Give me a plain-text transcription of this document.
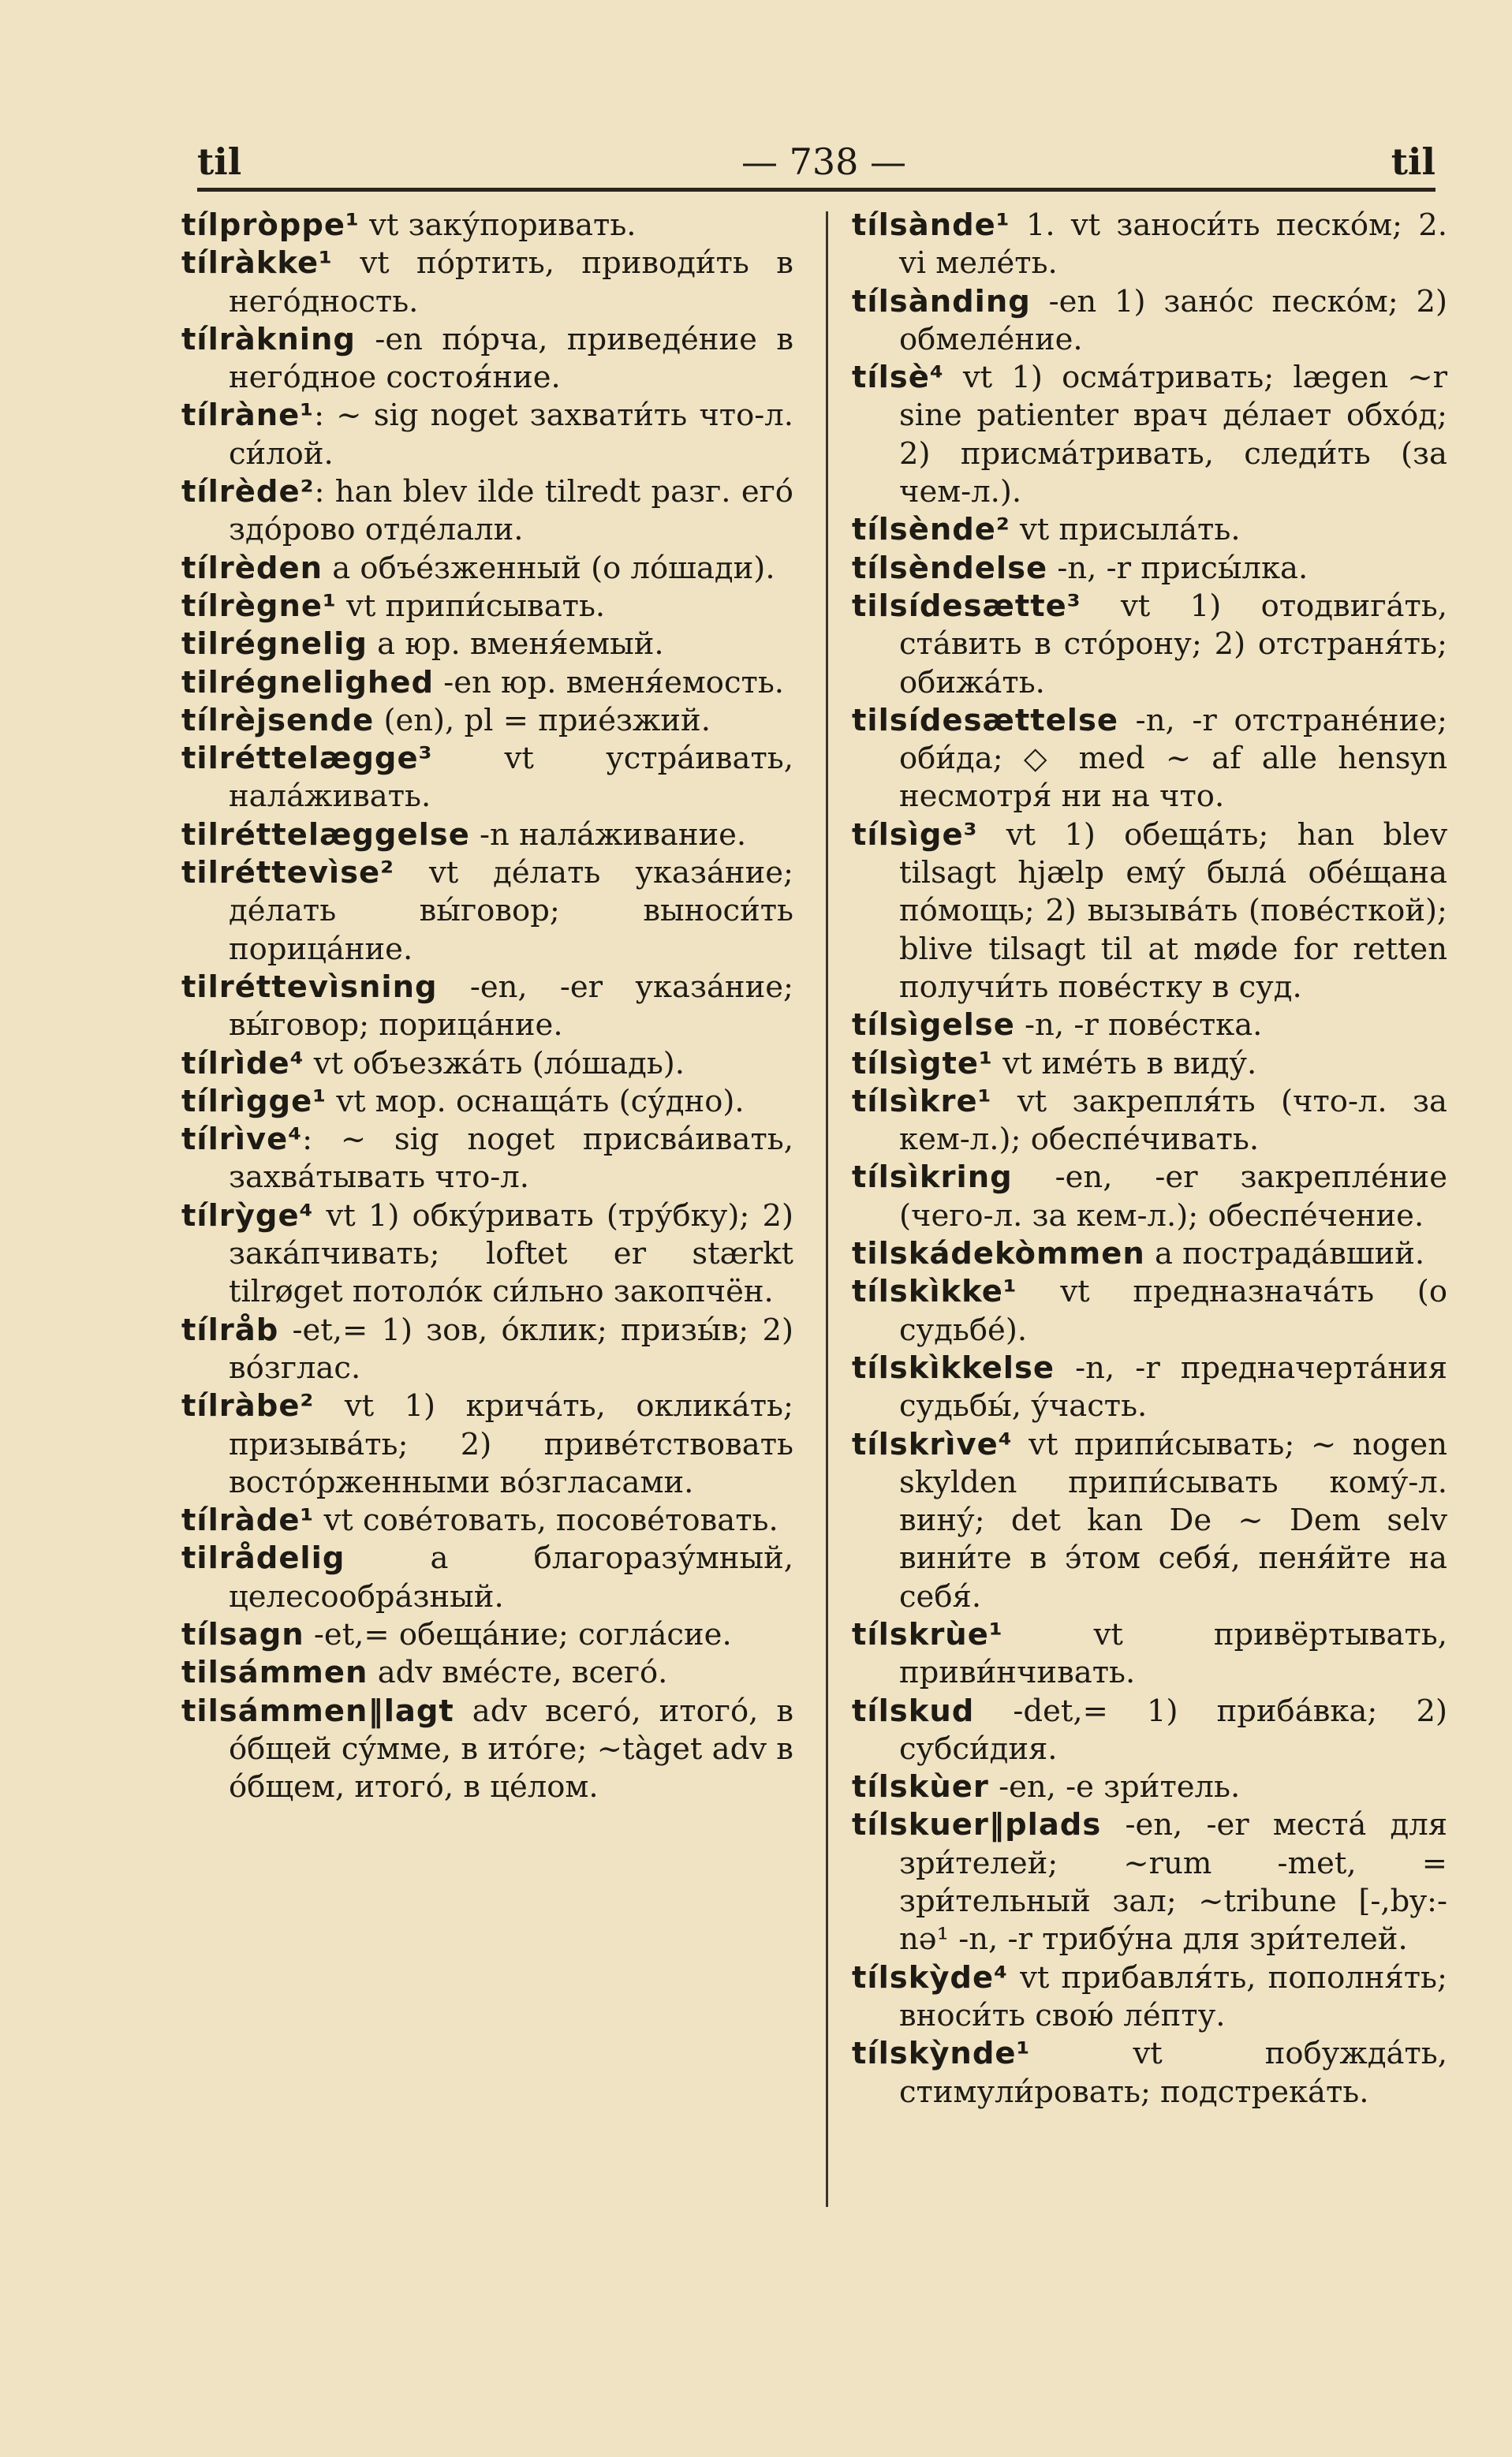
til	— 738 —	til

tílpròppe¹ vt заку́поривать.

tílràkke¹ vt по́ртить, приводи́ть в него́дность.

tílràkning -en по́рча, приведе́ние в него́дное состоя́ние.

tílràne¹: ~ sig noget захвати́ть что-л. си́лой.

tílrède²: han blev ilde tilredt разг. его́ здо́рово отде́лали.

tílrèden a объе́зженный (о ло́шади).

tílrègne¹ vt припи́сывать.

tilrégnelig a юр. вменя́емый.

tilrégnelighed -en юр. вменя́емость.

tílrèjsende (en), pl = прие́зжий.

tilréttelægge³ vt устра́ивать, нала́живать.

tilréttelæggelse -n нала́живание.

tilréttevìse² vt де́лать указа́ние; де́лать вы́говор; выноси́ть порица́ние.

tilréttevìsning -en, -er указа́ние; вы́говор; порица́ние.

tílrìde⁴ vt объезжа́ть (ло́шадь).

tílrìgge¹ vt мор. оснаща́ть (су́дно).

tílrìve⁴: ~ sig noget присва́ивать, захва́тывать что-л.

tílrỳge⁴ vt 1) обку́ривать (тру́бку); 2) зака́пчивать; loftet er stærkt tilrøget потоло́к си́льно закопчён.

tílråb -et,= 1) зов, о́клик; призы́в; 2) во́зглас.

tílràbe² vt 1) крича́ть, оклика́ть; призыва́ть; 2) приве́тствовать восто́рженными во́згласами.

tílràde¹ vt сове́товать, посове́товать.

tilrådelig a благоразу́мный, целесообра́зный.

tílsagn -et,= обеща́ние; согла́сие.

tilsámmen adv вме́сте, всего́.

tilsámmen‖lagt adv всего́, итого́, в о́бщей су́мме, в ито́ге; ~tàget adv в о́бщем, итого́, в це́лом.

tílsànde¹ 1. vt заноси́ть песко́м; 2. vi меле́ть.

tílsànding -en 1) зано́с песко́м; 2) обмеле́ние.

tílsè⁴ vt 1) осма́тривать; lægen ~r sine patienter врач де́лает обхо́д; 2) присма́тривать, следи́ть (за чем-л.).

tílsènde² vt присыла́ть.

tílsèndelse -n, -r присы́лка.

tilsídesætte³ vt 1) отодвига́ть, ста́вить в сто́рону; 2) отстраня́ть; обижа́ть.

tilsídesættelse -n, -r отстране́ние; оби́да; ◇ med ~ af alle hensyn несмотря́ ни на что.

tílsìge³ vt 1) обеща́ть; han blev tilsagt hjælp ему́ была́ обе́щана по́мощь; 2) вызыва́ть (пове́сткой); blive tilsagt til at møde for retten получи́ть пове́стку в суд.

tílsìgelse -n, -r пове́стка.

tílsìgte¹ vt име́ть в виду́.

tílsìkre¹ vt закрепля́ть (что-л. за кем-л.); обеспе́чивать.

tílsìkring -en, -er закрепле́ние (чего-л. за кем-л.); обеспе́чение.

tilskádekòmmen a пострада́вший.

tílskìkke¹ vt предназнача́ть (о судьбе́).

tílskìkkelse -n, -r предначерта́ния судьбы́, у́часть.

tílskrìve⁴ vt припи́сывать; ~ nogen skylden припи́сывать кому́-л. вину́; det kan De ~ Dem selv вини́те в э́том себя́, пеня́йте на себя́.

tílskrùe¹ vt привёртывать, приви́нчивать.

tílskud -det,= 1) приба́вка; 2) субси́дия.

tílskùer -en, -e зри́тель.

tílskuer‖plads -en, -er места́ для зри́телей; ~rum -met, = зри́тельный зал; ~tribune [-,by:-nə¹ -n, -r трибу́на для зри́телей.

tílskỳde⁴ vt прибавля́ть, пополня́ть; вноси́ть свою́ ле́пту.

tílskỳnde¹ vt побужда́ть, стимули́ровать; подстрека́ть.
